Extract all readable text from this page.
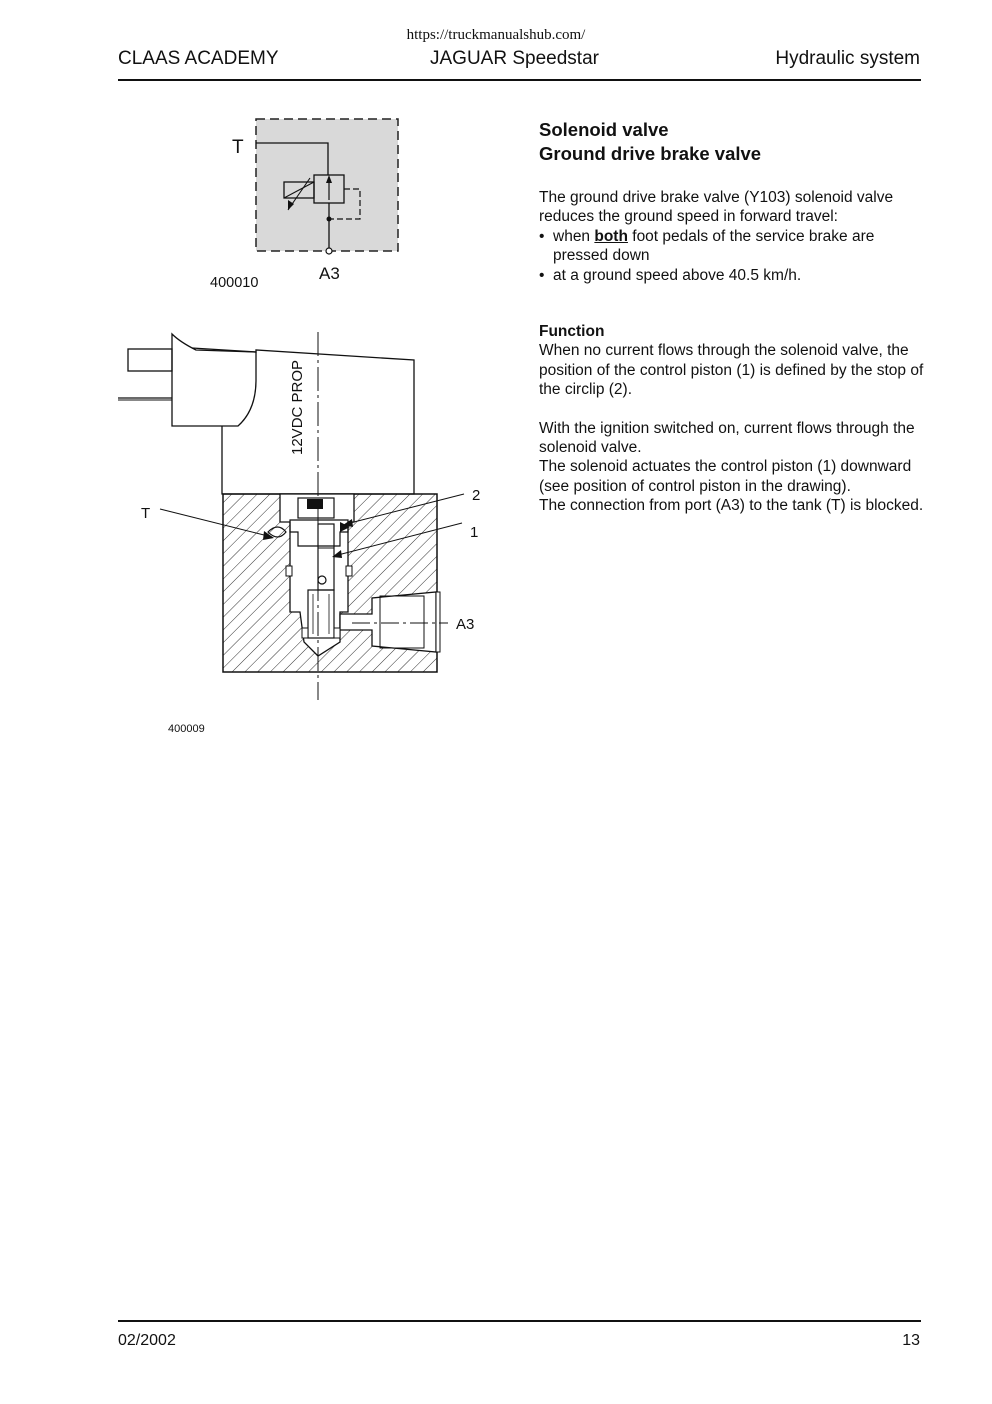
https://truckmanualshub.com/
CLAAS ACADEMY	JAGUAR Speedstar	Hydraulic system
T
A3
400010
12VDC PROP
T
2
1
A3
400009

Solenoid valve

Ground drive brake valve

The ground drive brake valve (Y103) solenoid valve reduces the ground speed in forward travel:

• when both foot pedals of the service brake are pressed down
• at a ground speed above 40.5 km/h.

Function

When no current flows through the solenoid valve, the position of the control piston (1) is defined by the stop of the circlip (2).

With the ignition switched on, current flows through the solenoid valve.

The solenoid actuates the control piston (1) downward (see position of control piston in the drawing).

The connection from port (A3) to the tank (T) is blocked.

02/2002	13
